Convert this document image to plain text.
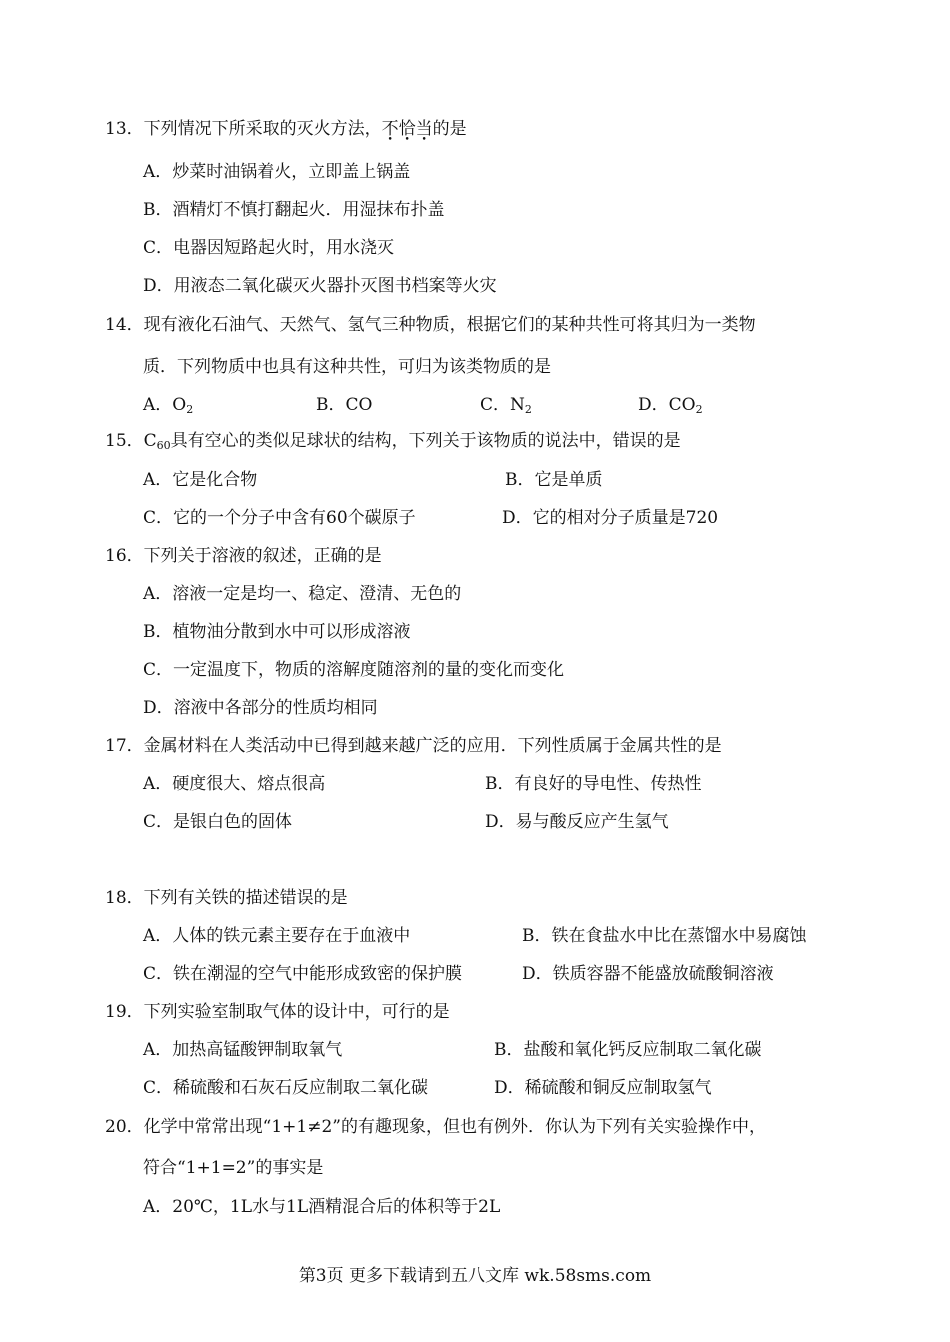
13．下列情况下所采取的灭火方法，不恰当的是
A．炒菜时油锅着火，立即盖上锅盖
B．酒精灯不慎打翻起火．用湿抹布扑盖
C．电器因短路起火时，用水浇灭
D．用液态二氧化碳灭火器扑灭图书档案等火灾
14．现有液化石油气、天然气、氢气三种物质，根据它们的某种共性可将其归为一类物
质．下列物质中也具有这种共性，可归为该类物质的是
A．$O_2$	B．CO	C．$N_2$	D．$CO_2$
15．$C_{60}$具有空心的类似足球状的结构，下列关于该物质的说法中，错误的是
A．它是化合物	B．它是单质
C．它的一个分子中含有60个碳原子	D．它的相对分子质量是720
16．下列关于溶液的叙述，正确的是
A．溶液一定是均一、稳定、澄清、无色的
B．植物油分散到水中可以形成溶液
C．一定温度下，物质的溶解度随溶剂的量的变化而变化
D．溶液中各部分的性质均相同
17．金属材料在人类活动中已得到越来越广泛的应用．下列性质属于金属共性的是
A．硬度很大、熔点很高	B．有良好的导电性、传热性
C．是银白色的固体	D．易与酸反应产生氢气
18．下列有关铁的描述错误的是
A．人体的铁元素主要存在于血液中	B．铁在食盐水中比在蒸馏水中易腐蚀
C．铁在潮湿的空气中能形成致密的保护膜	D．铁质容器不能盛放硫酸铜溶液
19．下列实验室制取气体的设计中，可行的是
A．加热高锰酸钾制取氧气	B．盐酸和氧化钙反应制取二氧化碳
C．稀硫酸和石灰石反应制取二氧化碳	D．稀硫酸和铜反应制取氢气
20．化学中常常出现“1+1≠2”的有趣现象，但也有例外．你认为下列有关实验操作中，
符合“1+1=2”的事实是
A．20℃，1L水与1L酒精混合后的体积等于2L
第3页 更多下载请到五八文库 wk.58sms.com
